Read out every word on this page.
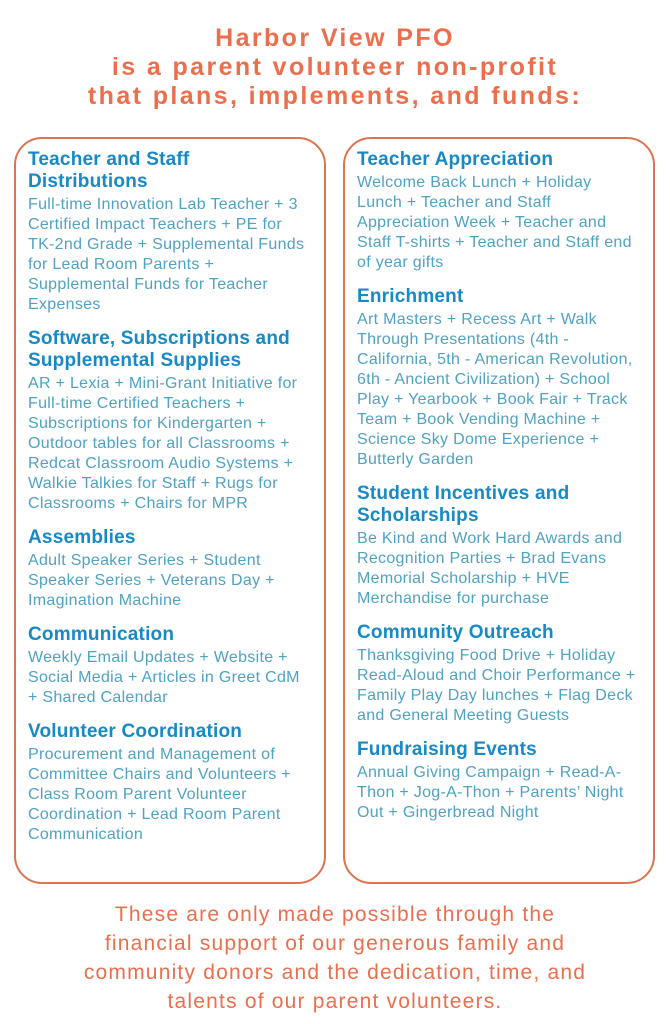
Harbor View PFO
is a parent volunteer non-profit
that plans, implements, and funds:
Teacher and Staff Distributions

Full-time Innovation Lab Teacher + 3 Certified Impact Teachers + PE for TK-2nd Grade + Supplemental Funds for Lead Room Parents + Supplemental Funds for Teacher Expenses

Software, Subscriptions and Supplemental Supplies

AR + Lexia + Mini-Grant Initiative for Full-time Certified Teachers + Subscriptions for Kindergarten + Outdoor tables for all Classrooms + Redcat Classroom Audio Systems + Walkie Talkies for Staff + Rugs for Classrooms + Chairs for MPR

Assemblies

Adult Speaker Series + Student Speaker Series + Veterans Day + Imagination Machine

Communication

Weekly Email Updates + Website + Social Media + Articles in Greet CdM + Shared Calendar

Volunteer Coordination

Procurement and Management of Committee Chairs and Volunteers + Class Room Parent Volunteer Coordination + Lead Room Parent Communication

Teacher Appreciation

Welcome Back Lunch + Holiday Lunch + Teacher and Staff Appreciation Week + Teacher and Staff T-shirts + Teacher and Staff end of year gifts

Enrichment

Art Masters + Recess Art + Walk Through Presentations (4th - California, 5th - American Revolution, 6th - Ancient Civilization) + School Play + Yearbook + Book Fair + Track Team + Book Vending Machine + Science Sky Dome Experience + Butterly Garden

Student Incentives and Scholarships

Be Kind and Work Hard Awards and Recognition Parties + Brad Evans Memorial Scholarship + HVE Merchandise for purchase

Community Outreach

Thanksgiving Food Drive + Holiday Read-Aloud and Choir Performance + Family Play Day lunches + Flag Deck and General Meeting Guests

Fundraising Events

Annual Giving Campaign + Read-A-Thon + Jog-A-Thon + Parents’ Night Out + Gingerbread Night

These are only made possible through the
financial support of our generous family and
community donors and the dedication, time, and
talents of our parent volunteers.
